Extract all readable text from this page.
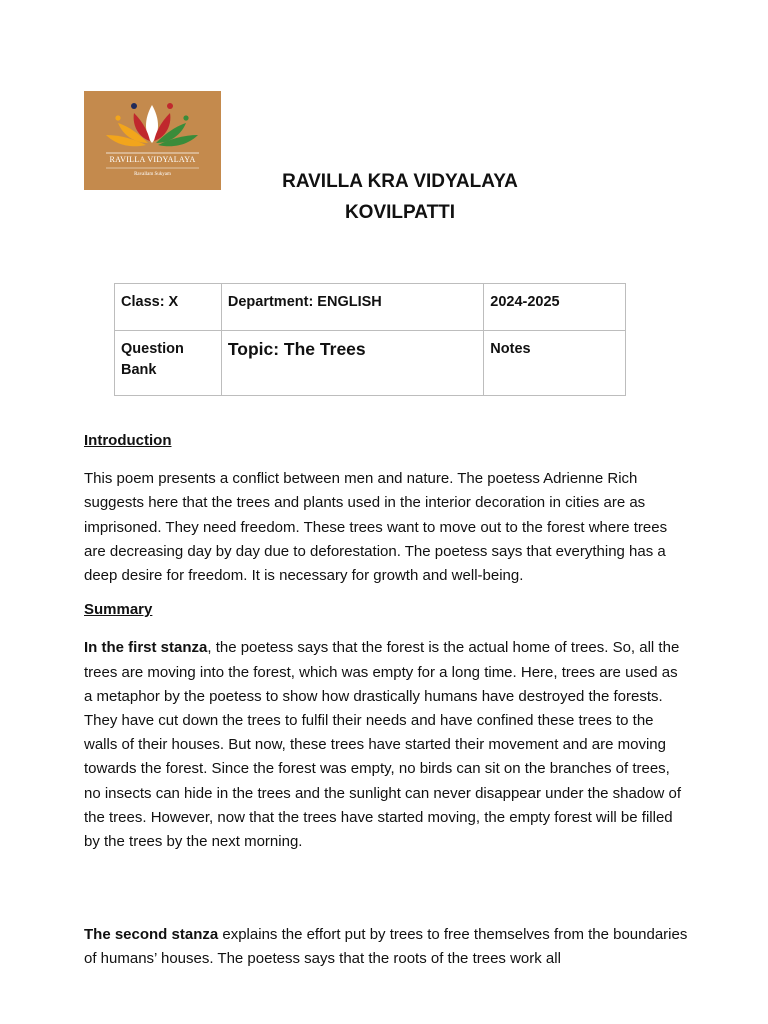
RAVILLA VIDYALAYA
Ravallam Sukyam	RAVILLA KRA VIDYALAYA
KOVILPATTI
Class: X	Department: ENGLISH	2024-2025
Question Bank	Topic: The Trees	Notes

Introduction

This poem presents a conflict between men and nature. The poetess Adrienne Rich suggests here that the trees and plants used in the interior decoration in cities are as imprisoned. They need freedom. These trees want to move out to the forest where trees are decreasing day by day due to deforestation. The poetess says that everything has a deep desire for freedom. It is necessary for growth and well-being.

Summary

In the first stanza, the poetess says that the forest is the actual home of trees. So, all the trees are moving into the forest, which was empty for a long time. Here, trees are used as a metaphor by the poetess to show how drastically humans have destroyed the forests. They have cut down the trees to fulfil their needs and have confined these trees to the walls of their houses. But now, these trees have started their movement and are moving towards the forest. Since the forest was empty, no birds can sit on the branches of trees, no insects can hide in the trees and the sunlight can never disappear under the shadow of the trees. However, now that the trees have started moving, the empty forest will be filled by the trees by the next morning.

The second stanza explains the effort put by trees to free themselves from the boundaries of humans’ houses. The poetess says that the roots of the trees work all
